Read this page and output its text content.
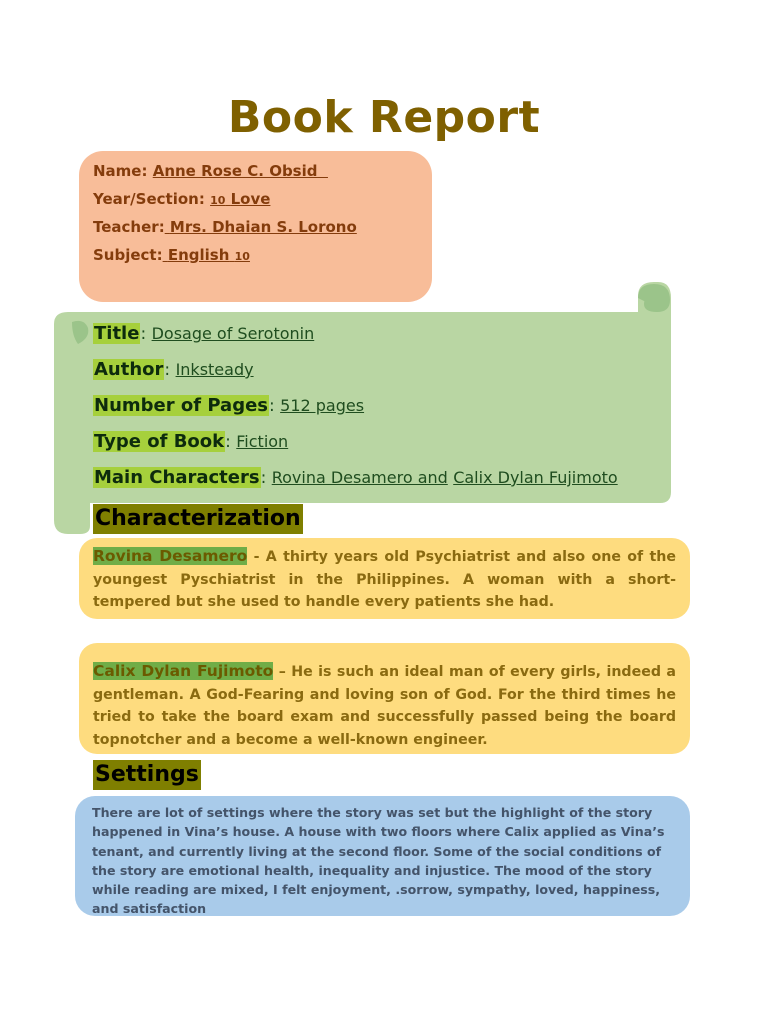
Book Report
Name: Anne Rose C. Obsid
Year/Section: 10 Love
Teacher: Mrs. Dhaian S. Lorono
Subject: English 10
Title: Dosage of Serotonin
Author: Inksteady
Number of Pages: 512 pages
Type of Book: Fiction
Main Characters: Rovina Desamero and Calix Dylan Fujimoto
Characterization

Rovina Desamero - A thirty years old Psychiatrist and also one of the youngest Pyschiatrist in the Philippines. A woman with a short-tempered but she used to handle every patients she had.

Calix Dylan Fujimoto – He is such an ideal man of every girls, indeed a gentleman. A God-Fearing and loving son of God. For the third times he tried to take the board exam and successfully passed being the board topnotcher and a become a well-known engineer.

Settings

There are lot of settings where the story was set but the highlight of the story happened in Vina’s house. A house with two floors where Calix applied as Vina’s tenant, and currently living at the second floor. Some of the social conditions of the story are emotional health, inequality and injustice. The mood of the story while reading are mixed, I felt enjoyment, .sorrow, sympathy, loved, happiness, and satisfaction
